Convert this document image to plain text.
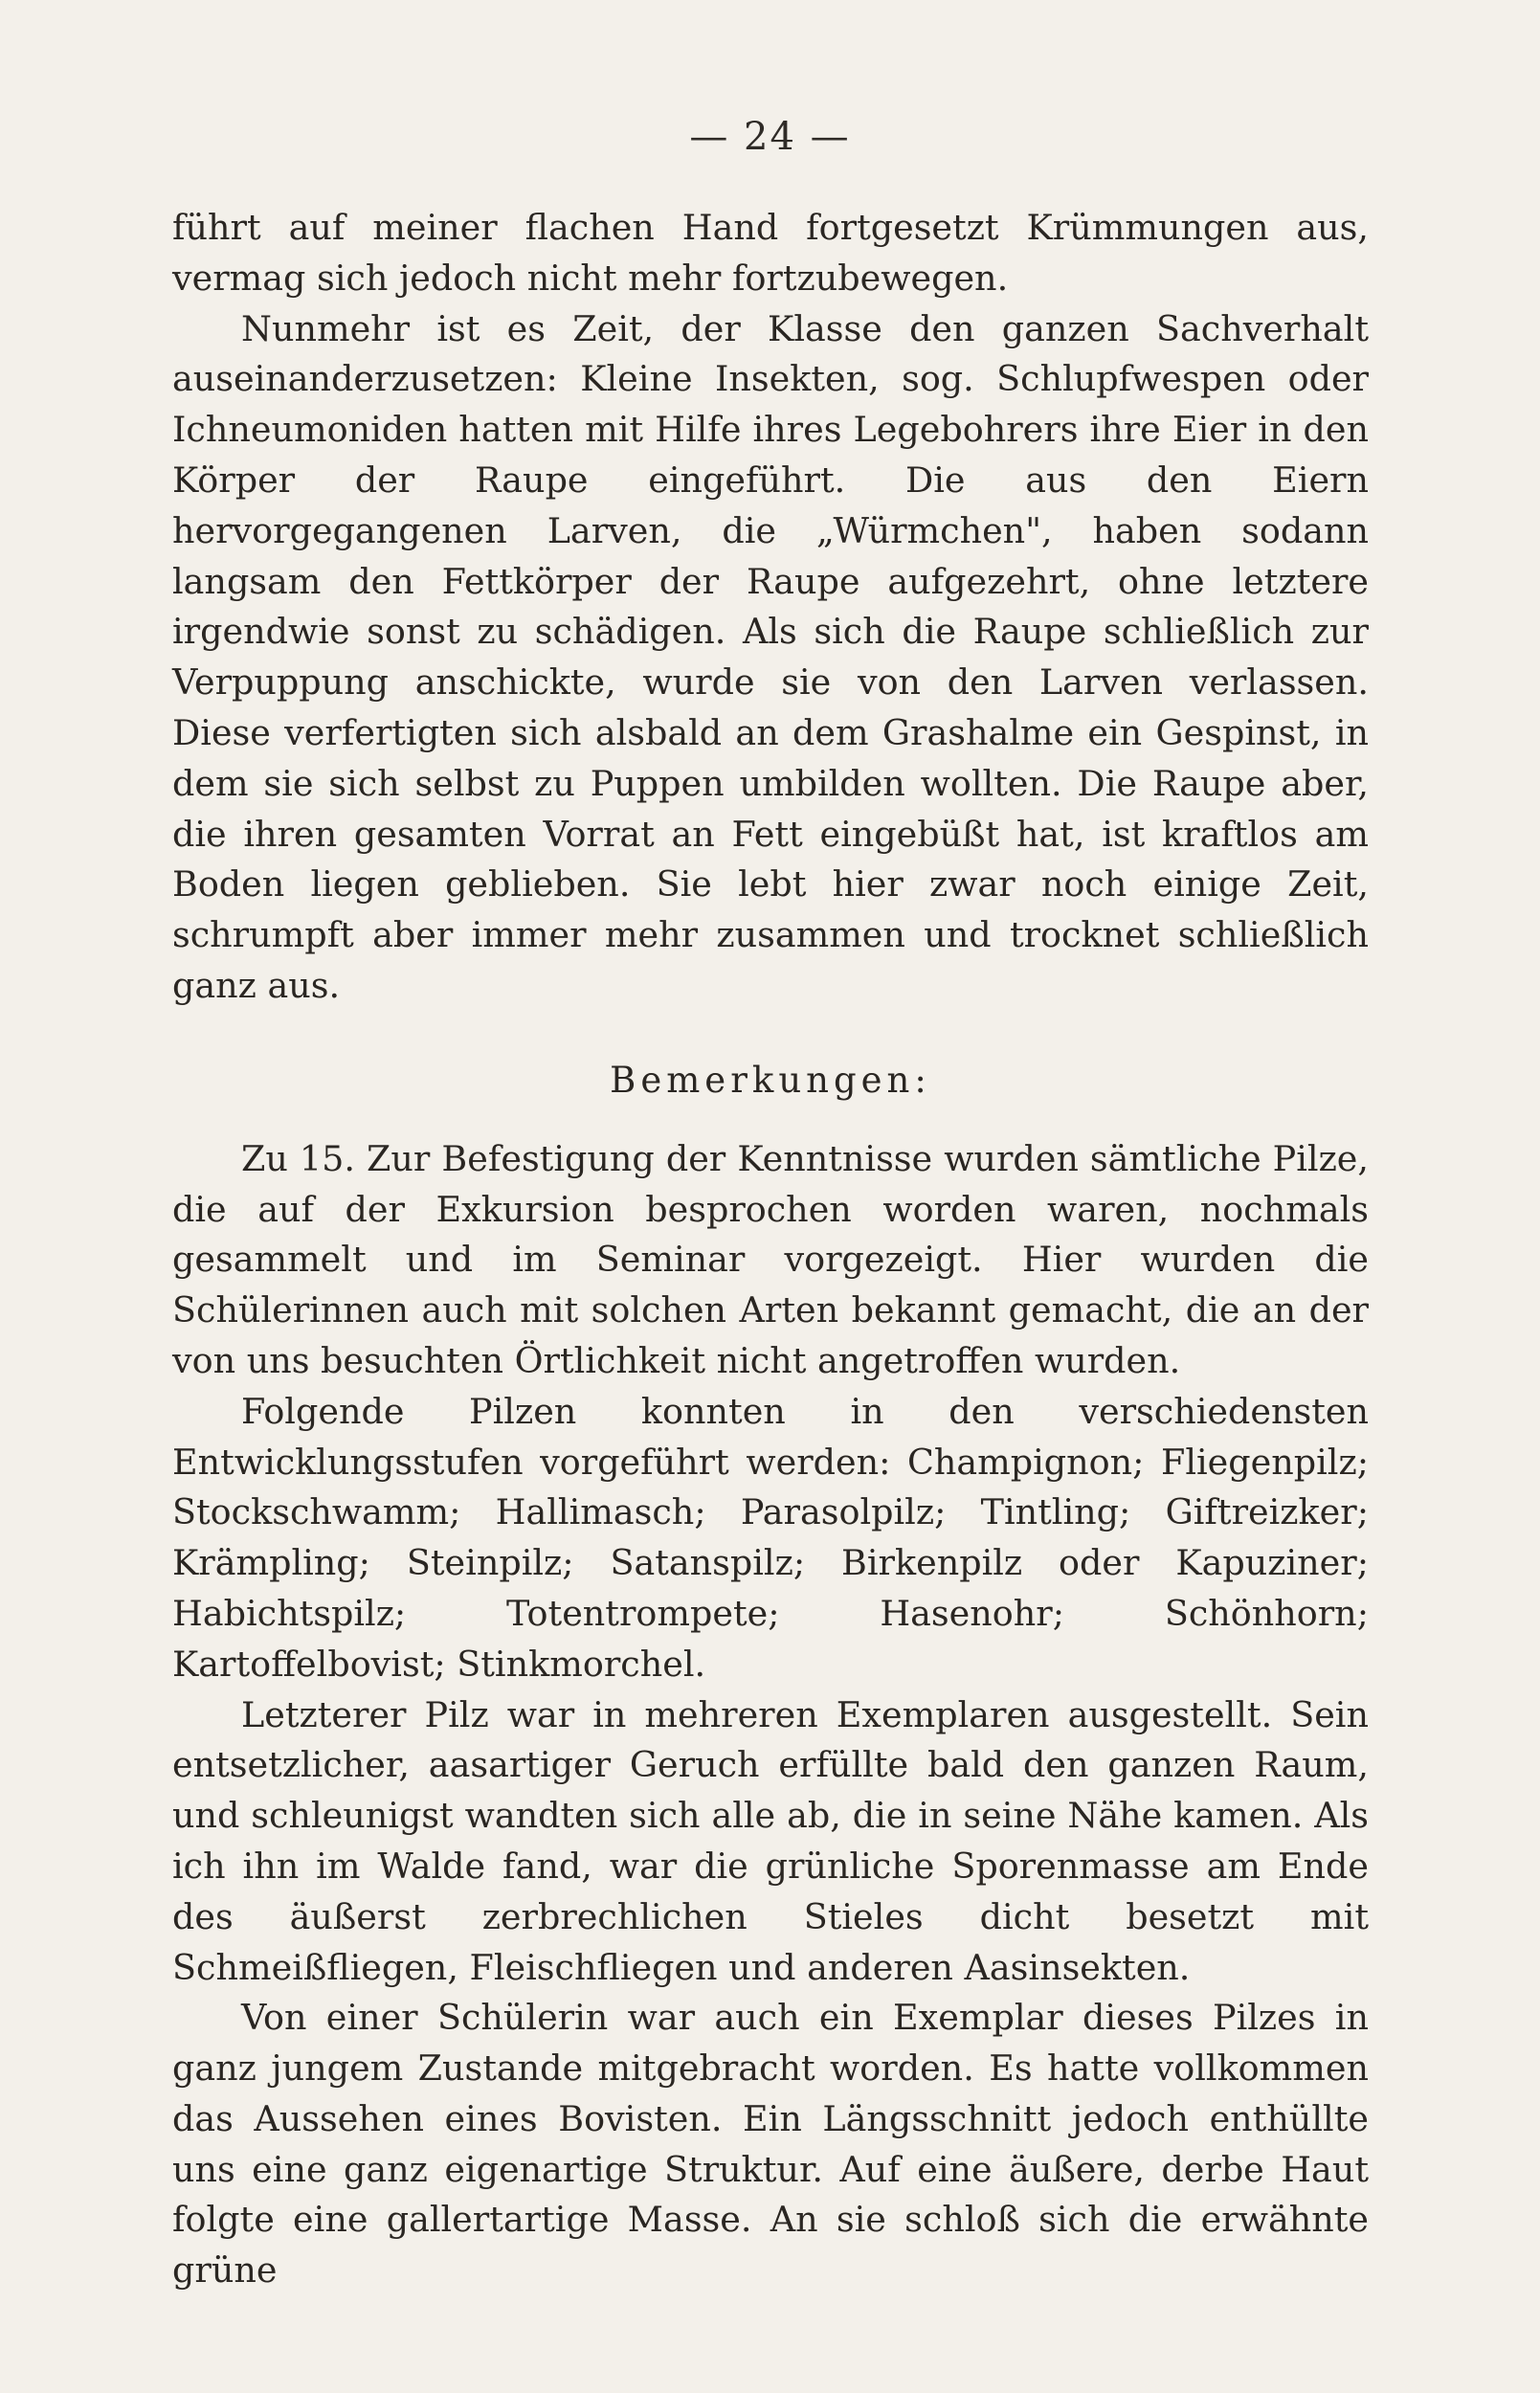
— 24 —

führt auf meiner flachen Hand fortgesetzt Krümmungen aus, vermag sich jedoch nicht mehr fortzubewegen.

Nunmehr ist es Zeit, der Klasse den ganzen Sachverhalt auseinanderzusetzen: Kleine Insekten, sog. Schlupfwespen oder Ichneumoniden hatten mit Hilfe ihres Legebohrers ihre Eier in den Körper der Raupe eingeführt. Die aus den Eiern hervorgegangenen Larven, die „Würmchen", haben sodann langsam den Fettkörper der Raupe aufgezehrt, ohne letztere irgendwie sonst zu schädigen. Als sich die Raupe schließlich zur Verpuppung anschickte, wurde sie von den Larven verlassen. Diese verfertigten sich alsbald an dem Grashalme ein Gespinst, in dem sie sich selbst zu Puppen umbilden wollten. Die Raupe aber, die ihren gesamten Vorrat an Fett eingebüßt hat, ist kraftlos am Boden liegen geblieben. Sie lebt hier zwar noch einige Zeit, schrumpft aber immer mehr zusammen und trocknet schließlich ganz aus.

Bemerkungen:

Zu 15. Zur Befestigung der Kenntnisse wurden sämtliche Pilze, die auf der Exkursion besprochen worden waren, nochmals gesammelt und im Seminar vorgezeigt. Hier wurden die Schülerinnen auch mit solchen Arten bekannt gemacht, die an der von uns besuchten Örtlichkeit nicht angetroffen wurden.

Folgende Pilzen konnten in den verschiedensten Entwicklungsstufen vorgeführt werden: Champignon; Fliegenpilz; Stockschwamm; Hallimasch; Parasolpilz; Tintling; Giftreizker; Krämpling; Steinpilz; Satanspilz; Birkenpilz oder Kapuziner; Habichtspilz; Totentrompete; Hasenohr; Schönhorn; Kartoffelbovist; Stinkmorchel.

Letzterer Pilz war in mehreren Exemplaren ausgestellt. Sein entsetzlicher, aasartiger Geruch erfüllte bald den ganzen Raum, und schleunigst wandten sich alle ab, die in seine Nähe kamen. Als ich ihn im Walde fand, war die grünliche Sporenmasse am Ende des äußerst zerbrechlichen Stieles dicht besetzt mit Schmeißfliegen, Fleischfliegen und anderen Aasinsekten.

Von einer Schülerin war auch ein Exemplar dieses Pilzes in ganz jungem Zustande mitgebracht worden. Es hatte vollkommen das Aussehen eines Bovisten. Ein Längsschnitt jedoch enthüllte uns eine ganz eigenartige Struktur. Auf eine äußere, derbe Haut folgte eine gallertartige Masse. An sie schloß sich die erwähnte grüne
